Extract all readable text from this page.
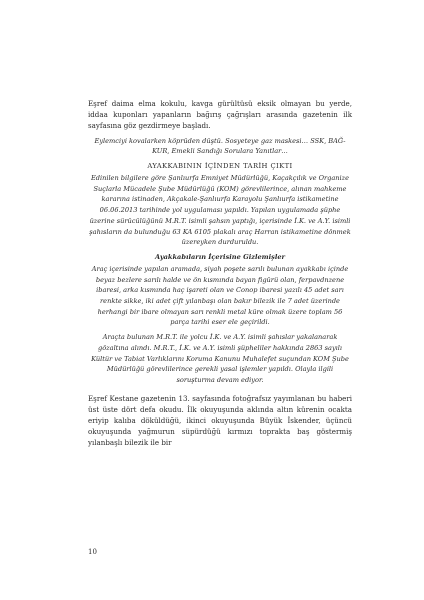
Eşref daima elma kokulu, kavga gürültüsü eksik olmayan bu yerde, iddaa kuponları yapanların bağırış çağrışları arasında gazetenin ilk sayfasına göz gezdirmeye başladı.

Eylemciyi kovalarken köprüden düştü. Sosyeteye gaz maskesi… SSK, BAĞ-KUR, Emekli Sandığı Sorulara Yanıtlar…

AYAKKABININ İÇİNDEN TARİH ÇIKTI

Edinilen bilgilere göre Şanlıurfa Emniyet Müdürlüğü, Kaçakçılık ve Organize Suçlarla Mücadele Şube Müdürlüğü (KOM) görevlilerince, alınan mahkeme kararına istinaden, Akçakale-Şanlıurfa Karayolu Şanlıurfa istikametine 06.06.2013 tarihinde yol uygulaması yapıldı. Yapılan uygulamada şüphe üzerine sürücülüğünü M.R.T. isimli şahsın yaptığı, içerisinde İ.K. ve A.Y. isimli şahısların da bulunduğu 63 KA 6105 plakalı araç Harran istikametine dönmek üzereyken durduruldu.

Ayakkabıların İçerisine Gizlemişler

Araç içerisinde yapılan aramada, siyah poşete sarılı bulunan ayakkabı içinde beyaz bezlere sarılı halde ve ön kısmında bayan figürü olan, ferpavdnzene ibaresi, arka kısmında haç işareti olan ve Conop ibaresi yazılı 45 adet sarı renkte sikke, iki adet çift yılanbaşı olan bakır bilezik ile 7 adet üzerinde herhangi bir ibare olmayan sarı renkli metal küre olmak üzere toplam 56 parça tarihi eser ele geçirildi.

Araçta bulunan M.R.T. ile yolcu İ.K. ve A.Y. isimli şahıslar yakalanarak gözaltına alındı. M.R.T., İ.K. ve A.Y. isimli şüpheliler hakkında 2863 sayılı Kültür ve Tabiat Varlıklarını Koruma Kanunu Muhalefet suçundan KOM Şube Müdürlüğü görevlilerince gerekli yasal işlemler yapıldı. Olayla ilgili soruşturma devam ediyor.

Eşref Kestane gazetenin 13. sayfasında fotoğrafsız yayımlanan bu haberi üst üste dört defa okudu. İlk okuyuşunda aklında altın kürenin ocakta eriyip kalıba döküldüğü, ikinci okuyuşunda Büyük İskender, üçüncü okuyuşunda yağmurun süpürdüğü kırmızı toprakta baş göstermiş yılanbaşlı bilezik ile bir

10
